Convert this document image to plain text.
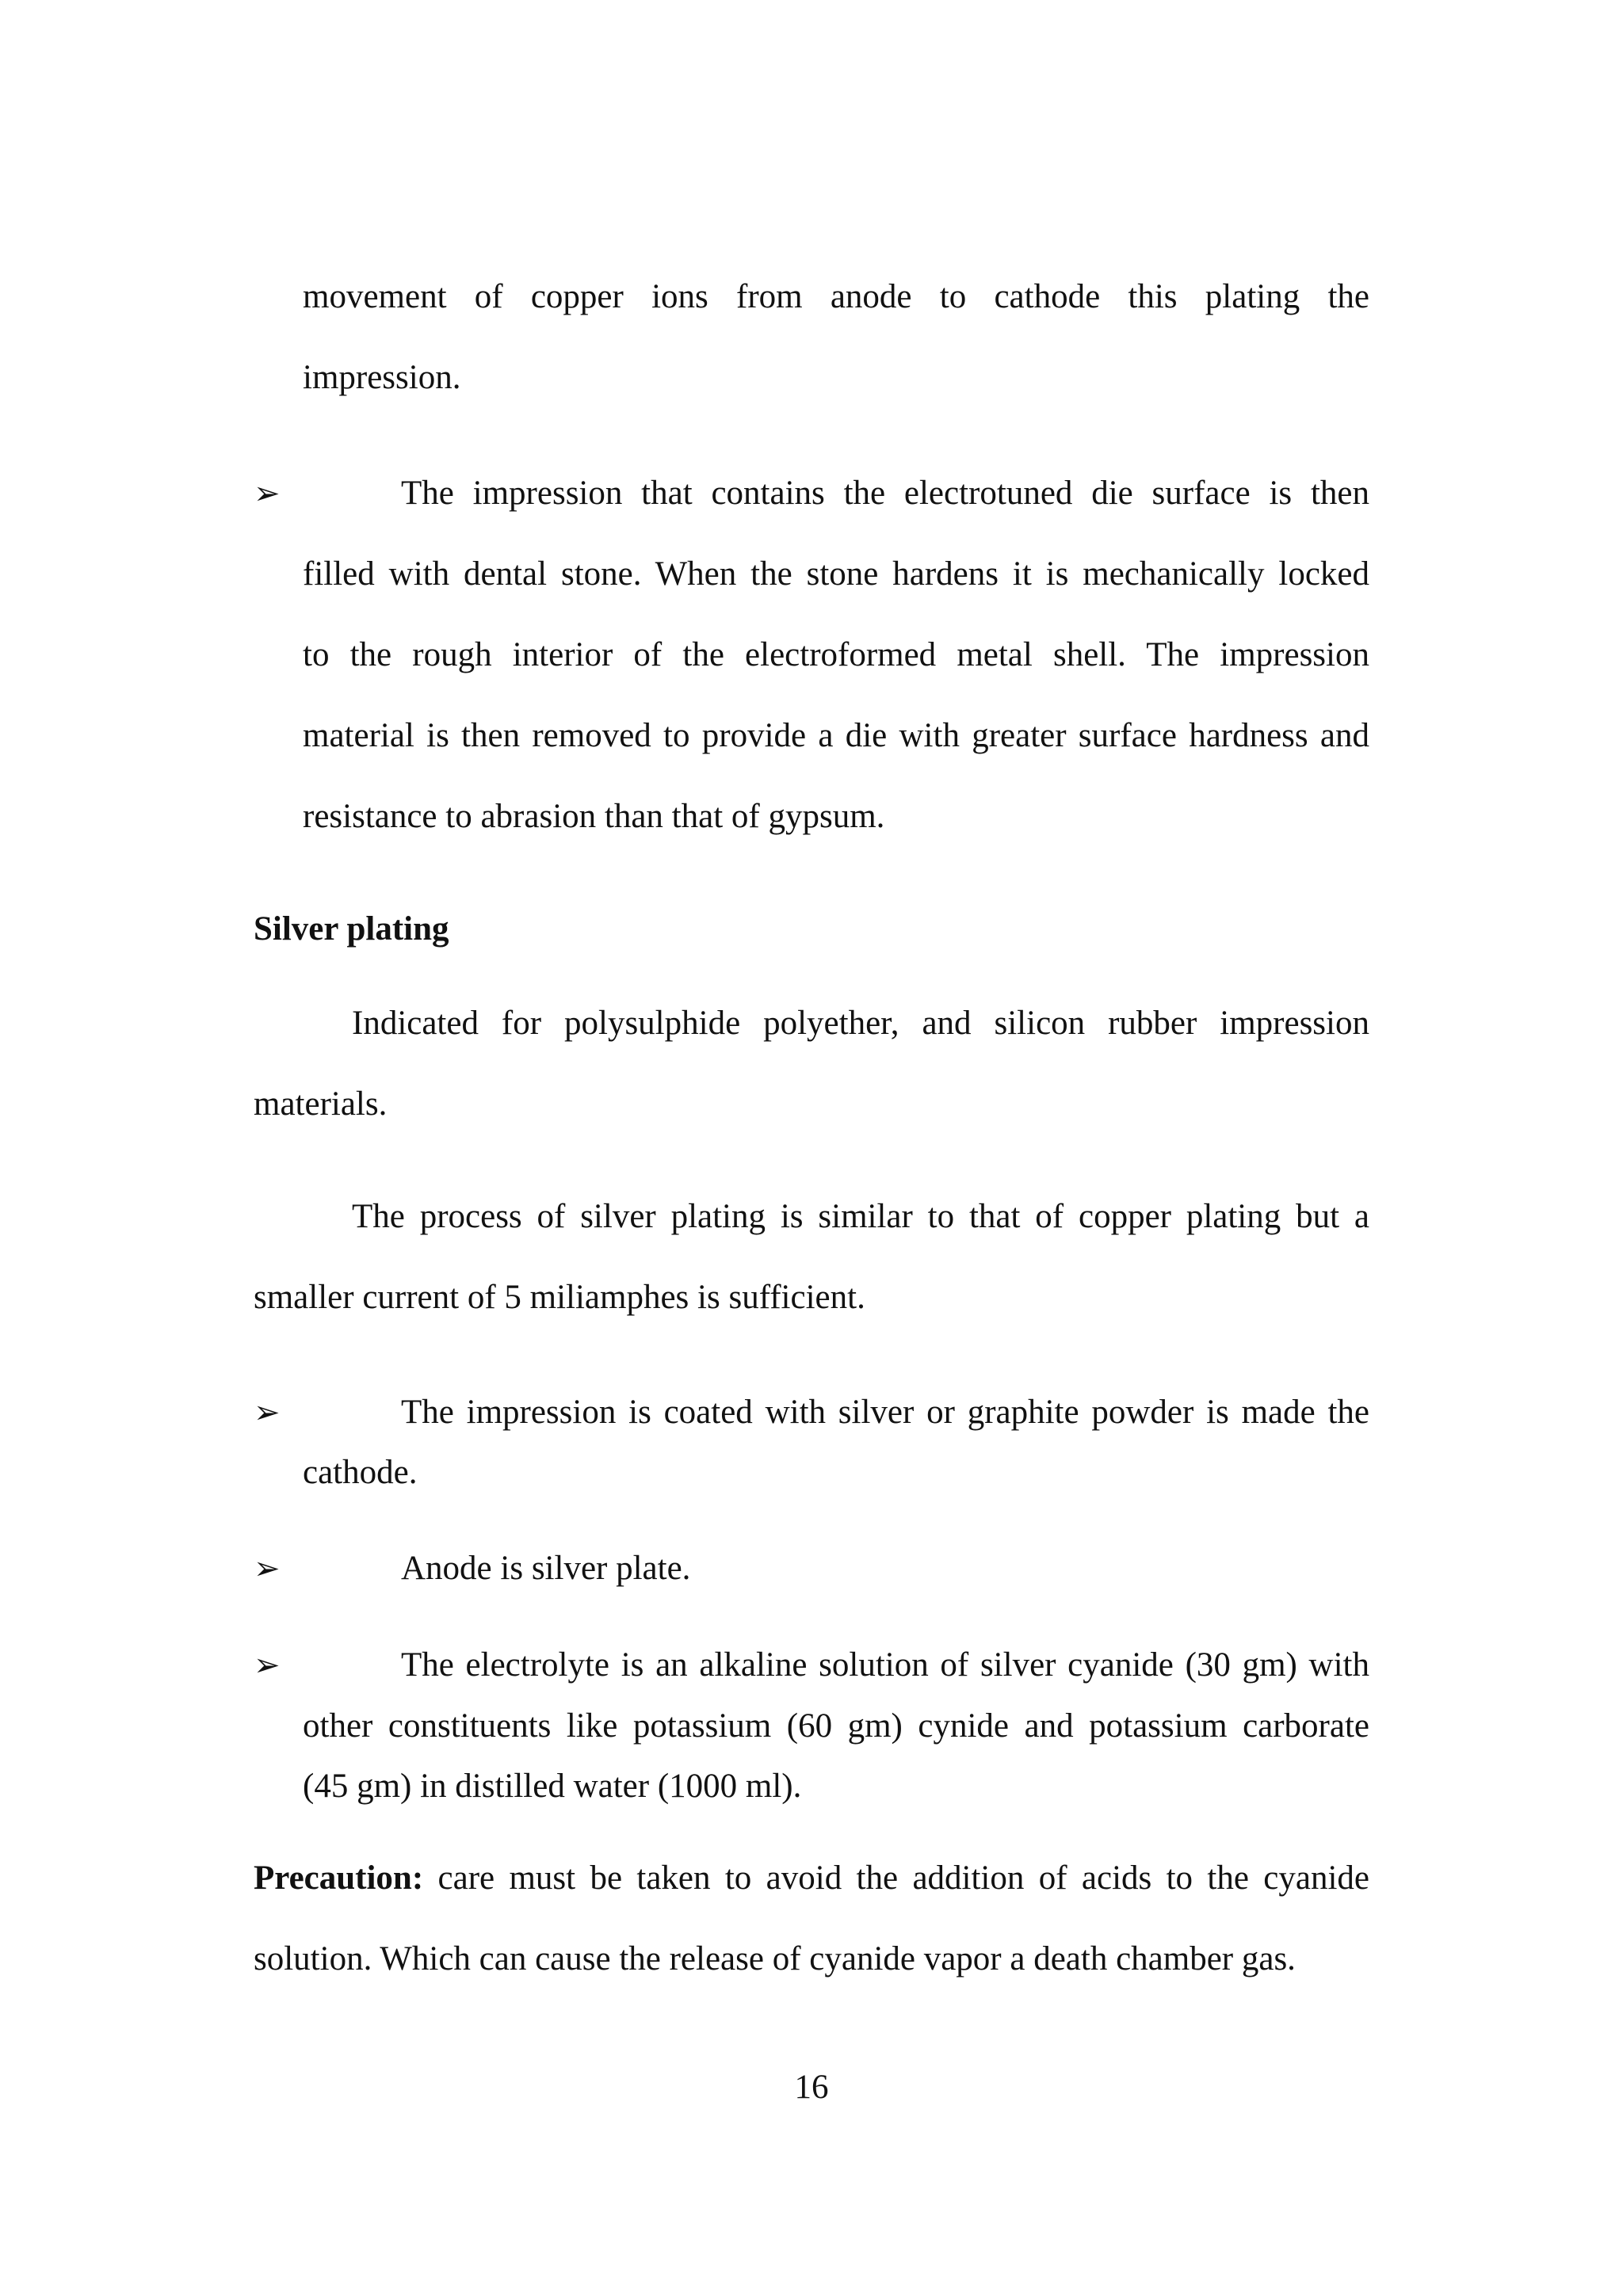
movement of copper ions from anode to cathode this plating the
impression.
➢	The impression that contains the electrotuned die surface is then
filled with dental stone. When the stone hardens it is mechanically locked
to the rough interior of the electroformed metal shell. The impression
material is then removed to provide a die with greater surface hardness and
resistance to abrasion than that of gypsum.
Silver plating
Indicated for polysulphide polyether, and silicon rubber impression
materials.
The process of silver plating is similar to that of copper plating but a
smaller current of 5 miliamphes is sufficient.
➢	The impression is coated with silver or graphite powder is made the
cathode.
➢	Anode is silver plate.
➢	The electrolyte is an alkaline solution of silver cyanide (30 gm) with
other constituents like potassium (60 gm) cynide and potassium carborate
(45 gm) in distilled water (1000 ml).
Precaution: care must be taken to avoid the addition of acids to the cyanide
solution. Which can cause the release of cyanide vapor a death chamber gas.
16
